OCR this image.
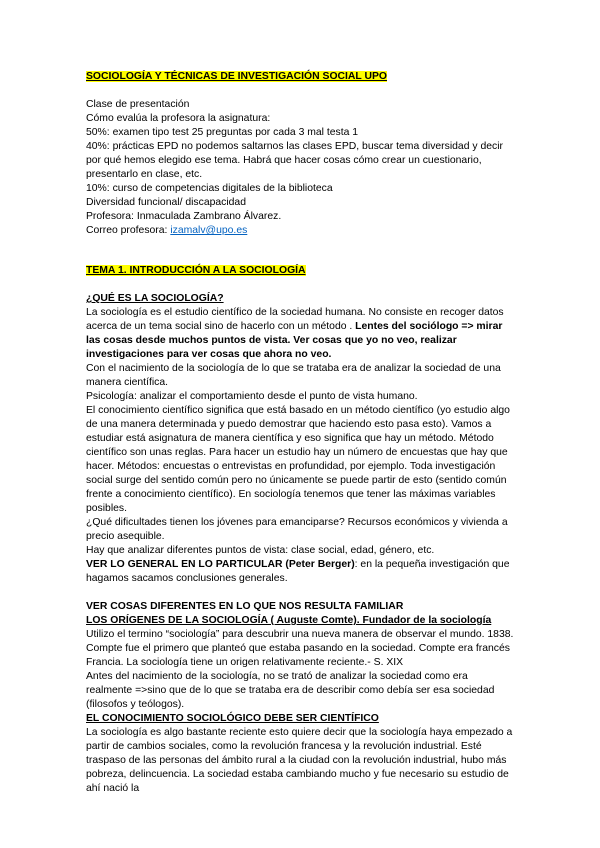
SOCIOLOGÍA Y TÉCNICAS DE INVESTIGACIÓN SOCIAL UPO
Clase de presentación
Cómo evalúa la profesora la asignatura:
50%: examen tipo test 25 preguntas por cada 3 mal testa 1
40%: prácticas EPD no podemos saltarnos las clases EPD, buscar tema diversidad y decir por qué hemos elegido ese tema. Habrá que hacer cosas cómo crear un cuestionario, presentarlo en clase, etc.
10%: curso de competencias digitales de la biblioteca
Diversidad funcional/ discapacidad
Profesora: Inmaculada Zambrano Álvarez.
Correo profesora: izamalv@upo.es
TEMA 1. INTRODUCCIÓN A LA SOCIOLOGÍA
¿QUÉ ES LA SOCIOLOGÍA?
La sociología es el estudio científico de la sociedad humana. No consiste en recoger datos acerca de un tema social sino de hacerlo con un método . Lentes del sociólogo => mirar las cosas desde muchos puntos de vista. Ver cosas que yo no veo, realizar investigaciones para ver cosas que ahora no veo.
Con el nacimiento de la sociología de lo que se trataba era de analizar la sociedad de una manera científica.
Psicología: analizar el comportamiento desde el punto de vista humano.
El conocimiento científico significa que está basado en un método científico (yo estudio algo de una manera determinada y puedo demostrar que haciendo esto pasa esto). Vamos a estudiar está asignatura de manera científica y eso significa que hay un método. Método científico son unas reglas. Para hacer un estudio hay un número de encuestas que hay que hacer. Métodos: encuestas o entrevistas en profundidad, por ejemplo. Toda investigación social surge del sentido común pero no únicamente se puede partir de esto (sentido común frente a conocimiento científico). En sociología tenemos que tener las máximas variables posibles.
¿Qué dificultades tienen los jóvenes para emanciparse? Recursos económicos y vivienda a precio asequible.
Hay que analizar diferentes puntos de vista: clase social, edad, género, etc.
VER LO GENERAL EN LO PARTICULAR (Peter Berger): en la pequeña investigación que hagamos sacamos conclusiones generales.
VER COSAS DIFERENTES EN LO QUE NOS RESULTA FAMILIAR
LOS ORÍGENES DE LA SOCIOLOGÍA ( Auguste Comte). Fundador de la sociología
Utilizo el termino “sociología” para descubrir una nueva manera de observar el mundo. 1838. Compte fue el primero que planteó que estaba pasando en la sociedad. Compte era francés Francia. La sociología tiene un origen relativamente reciente.- S. XIX
Antes del nacimiento de la sociología, no se trató de analizar la sociedad como era realmente =>sino que de lo que se trataba era de describir como debía ser esa sociedad (filosofos y teólogos).
EL CONOCIMIENTO SOCIOLÓGICO DEBE SER CIENTÍFICO
La sociología es algo bastante reciente esto quiere decir que la sociología haya empezado a partir de cambios sociales, como la revolución francesa y la revolución industrial. Esté traspaso de las personas del ámbito rural a la ciudad con la revolución industrial, hubo más pobreza, delincuencia. La sociedad estaba cambiando mucho y fue necesario su estudio de ahí nació la
